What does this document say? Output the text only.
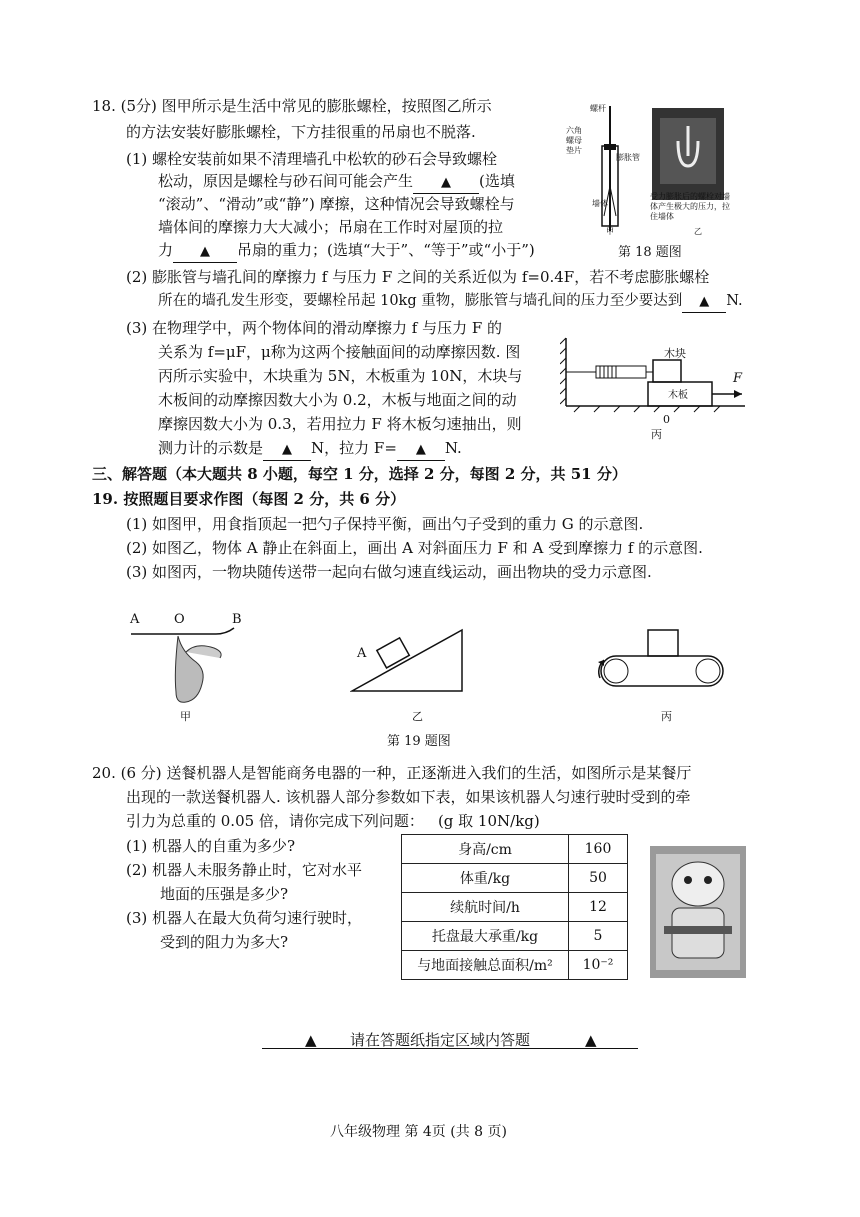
18. (5分) 图甲所示是生活中常见的膨胀螺栓，按照图乙所示
的方法安装好膨胀螺栓，下方挂很重的吊扇也不脱落.
(1) 螺栓安装前如果不清理墙孔中松软的砂石会导致螺栓
松动，原因是螺栓与砂石间可能会产生 ▲ (选填
“滚动”、“滑动”或“静”) 摩擦，这种情况会导致螺栓与
墙体间的摩擦力大大减小；吊扇在工作时对屋顶的拉
力 ▲ 吊扇的重力；(选填“大于”、“等于”或“小于”)
(2) 膨胀管与墙孔间的摩擦力 f 与压力 F 之间的关系近似为 f=0.4F，若不考虑膨胀螺栓
所在的墙孔发生形变，要螺栓吊起 10kg 重物，膨胀管与墙孔间的压力至少要达到 ▲ N.
(3) 在物理学中，两个物体间的滑动摩擦力 f 与压力 F 的
关系为 f=μF，μ称为这两个接触面间的动摩擦因数. 图
丙所示实验中，木块重为 5N，木板重为 10N，木块与
木板间的动摩擦因数大小为 0.2，木板与地面之间的动
摩擦因数大小为 0.3，若用拉力 F 将木板匀速抽出，则
测力计的示数是 ▲ N，拉力 F= ▲ N.
螺杆
六角螺母垫片
膨胀管
墙体
甲
受力膨胀后的螺栓对墙体产生极大的压力，拉住墙体
乙
第 18 题图
木块
木板
F
0
丙
三、解答题（本大题共 8 小题，每空 1 分，选择 2 分，每图 2 分，共 51 分）
19. 按照题目要求作图（每图 2 分，共 6 分）
(1) 如图甲，用食指顶起一把勺子保持平衡，画出勺子受到的重力 G 的示意图.
(2) 如图乙，物体 A 静止在斜面上，画出 A 对斜面压力 F 和 A 受到摩擦力 f 的示意图.
(3) 如图丙，一物块随传送带一起向右做匀速直线运动，画出物块的受力示意图.
A	O	B
甲
A
乙	丙
第 19 题图
20. (6 分) 送餐机器人是智能商务电器的一种，正逐渐进入我们的生活，如图所示是某餐厅
出现的一款送餐机器人. 该机器人部分参数如下表，如果该机器人匀速行驶时受到的牵
引力为总重的 0.05 倍，请你完成下列问题： (g 取 10N/kg)
(1) 机器人的自重为多少?
(2) 机器人未服务静止时，它对水平
地面的压强是多少?
(3) 机器人在最大负荷匀速行驶时，
受到的阻力为多大?
身高/cm	160
体重/kg	50
续航时间/h	12
托盘最大承重/kg	5
与地面接触总面积/m²	10⁻²
▲ 请在答题纸指定区域内答题	▲
八年级物理 第 4页 (共 8 页)
